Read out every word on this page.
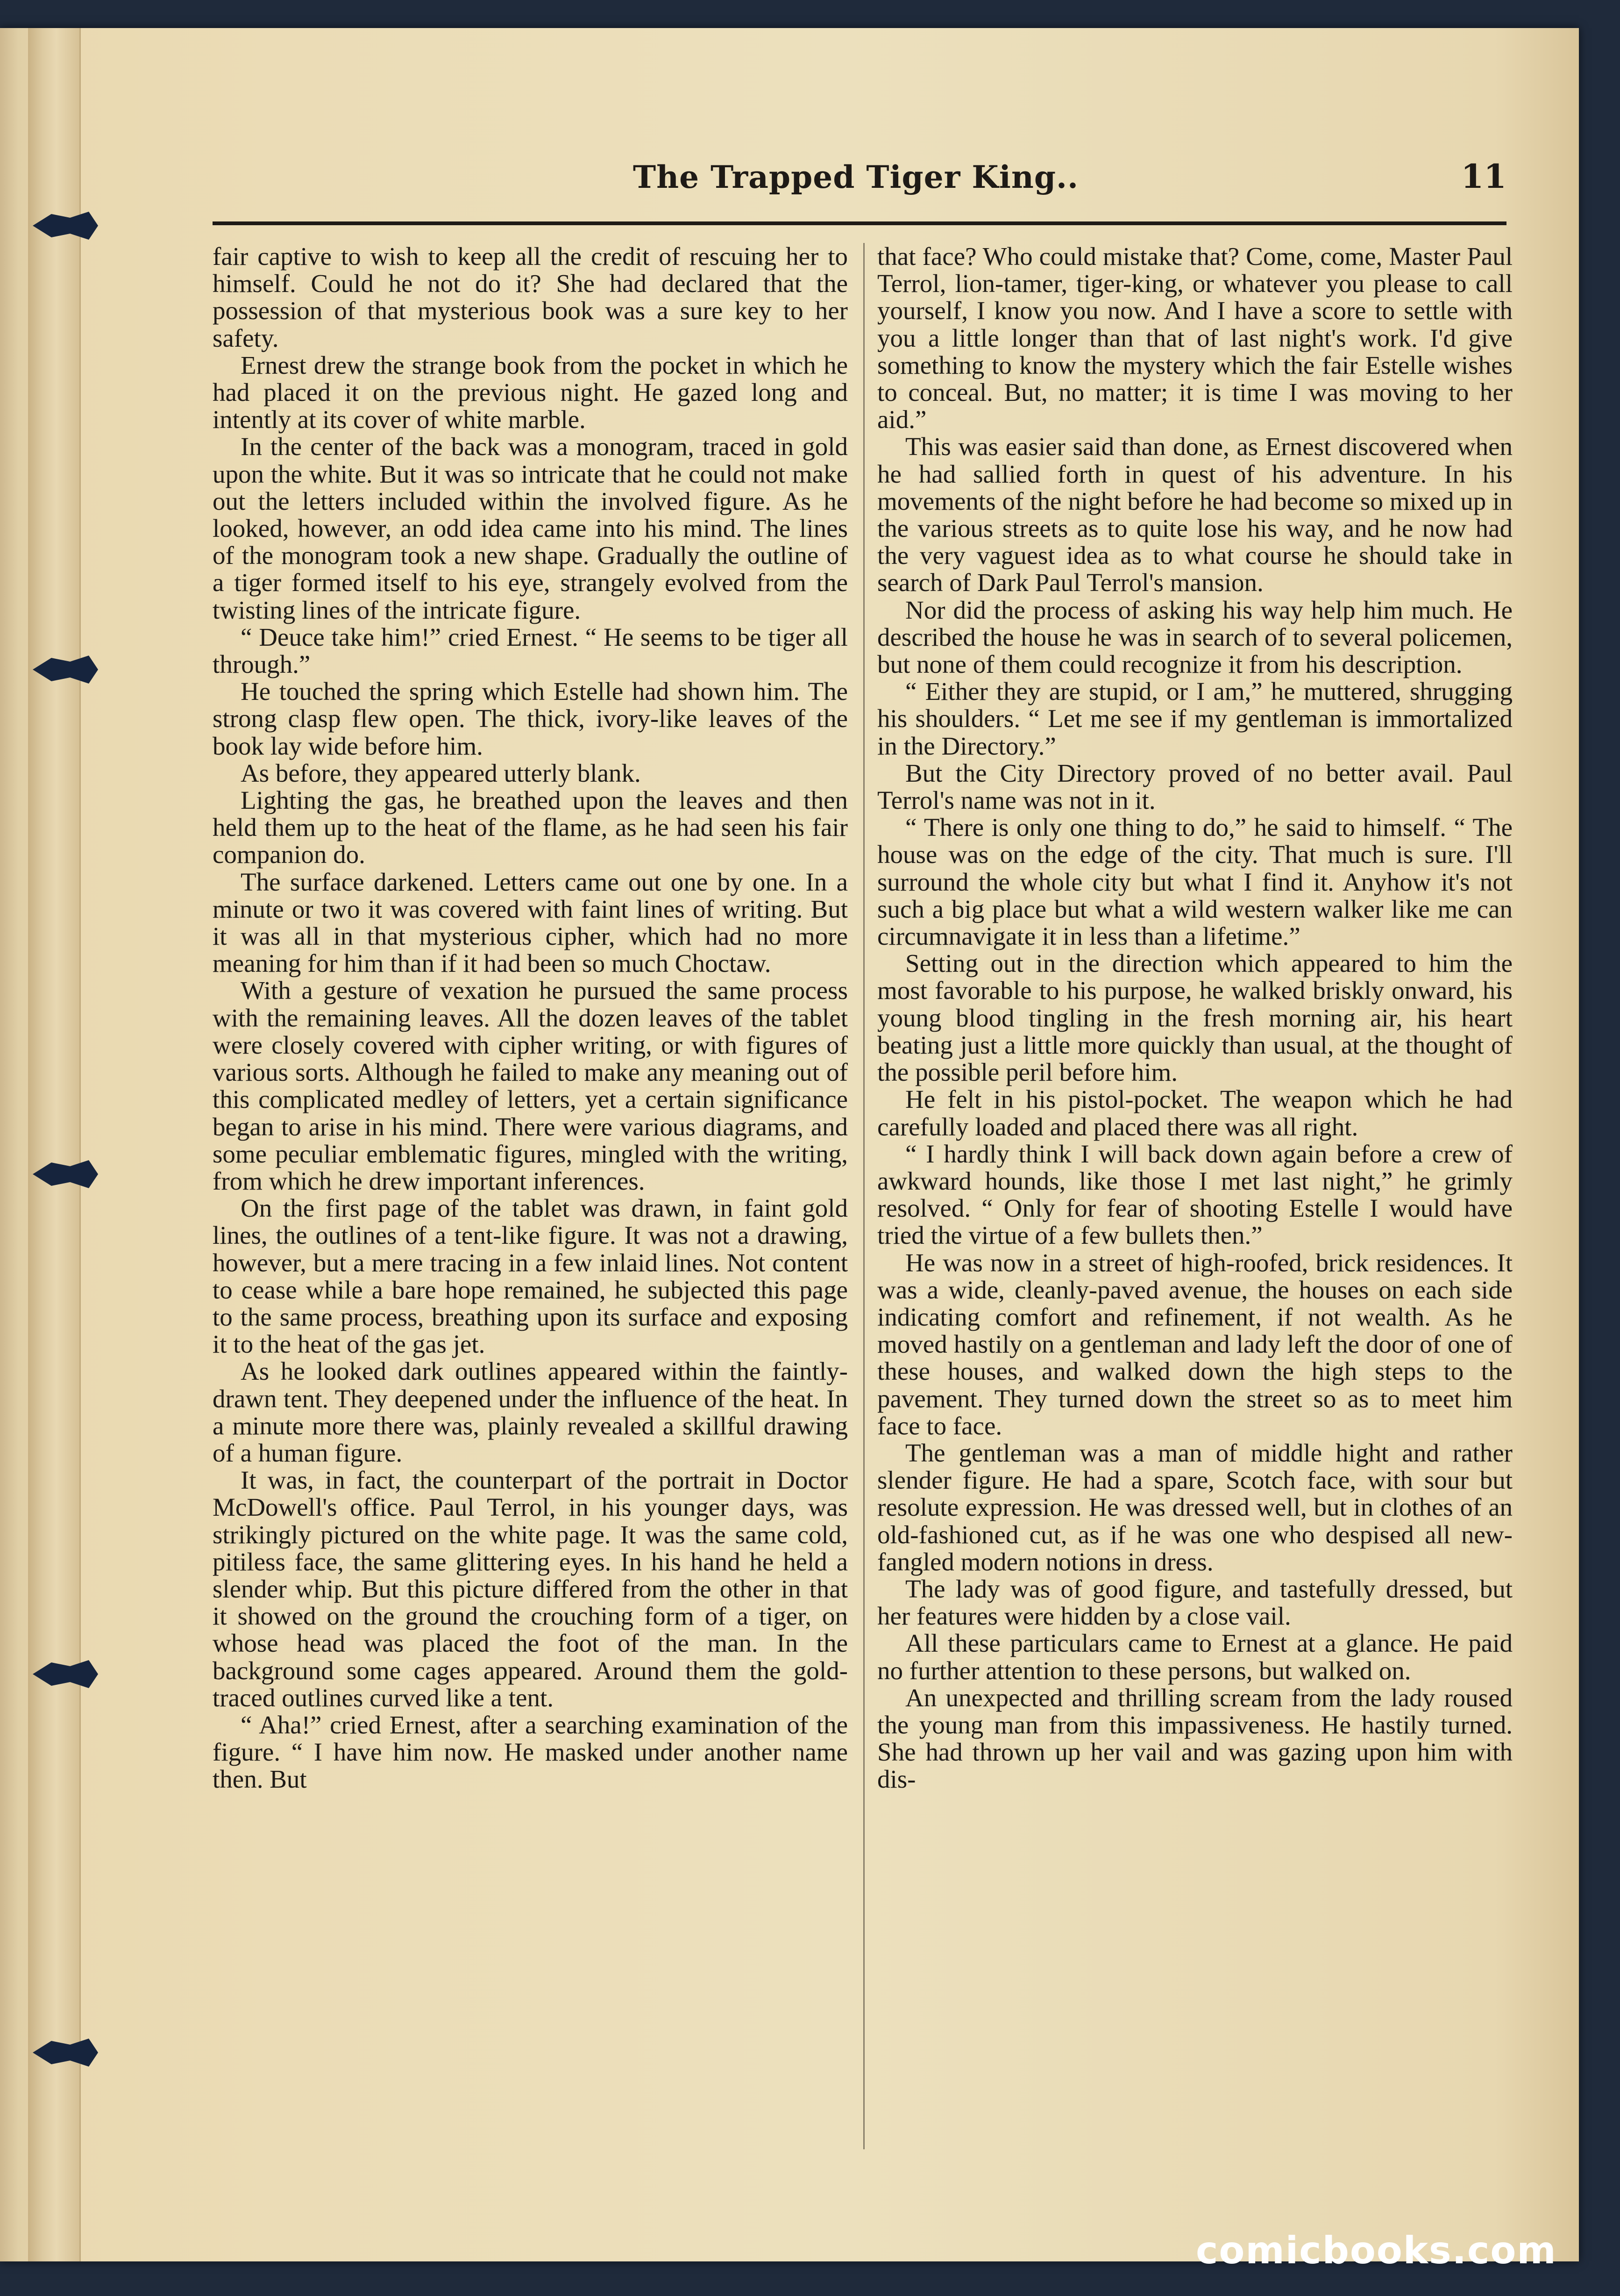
The Trapped Tiger King..	11

fair captive to wish to keep all the credit of rescuing her to himself. Could he not do it? She had declared that the possession of that mysterious book was a sure key to her safety.

Ernest drew the strange book from the pocket in which he had placed it on the previous night. He gazed long and intently at its cover of white marble.

In the center of the back was a monogram, traced in gold upon the white. But it was so intricate that he could not make out the letters included within the involved figure. As he looked, however, an odd idea came into his mind. The lines of the monogram took a new shape. Gradually the outline of a tiger formed itself to his eye, strangely evolved from the twisting lines of the intricate figure.

“ Deuce take him!” cried Ernest. “ He seems to be tiger all through.”

He touched the spring which Estelle had shown him. The strong clasp flew open. The thick, ivory-like leaves of the book lay wide before him.

As before, they appeared utterly blank.

Lighting the gas, he breathed upon the leaves and then held them up to the heat of the flame, as he had seen his fair companion do.

The surface darkened. Letters came out one by one. In a minute or two it was covered with faint lines of writing. But it was all in that mysterious cipher, which had no more meaning for him than if it had been so much Choctaw.

With a gesture of vexation he pursued the same process with the remaining leaves. All the dozen leaves of the tablet were closely covered with cipher writing, or with figures of various sorts. Although he failed to make any meaning out of this complicated medley of letters, yet a certain significance began to arise in his mind. There were various diagrams, and some peculiar emblematic figures, mingled with the writing, from which he drew important inferences.

On the first page of the tablet was drawn, in faint gold lines, the outlines of a tent-like figure. It was not a drawing, however, but a mere tracing in a few inlaid lines. Not content to cease while a bare hope remained, he subjected this page to the same process, breathing upon its surface and exposing it to the heat of the gas jet.

As he looked dark outlines appeared within the faintly-drawn tent. They deepened under the influence of the heat. In a minute more there was, plainly revealed a skillful drawing of a human figure.

It was, in fact, the counterpart of the portrait in Doctor McDowell's office. Paul Terrol, in his younger days, was strikingly pictured on the white page. It was the same cold, pitiless face, the same glittering eyes. In his hand he held a slender whip. But this picture differed from the other in that it showed on the ground the crouching form of a tiger, on whose head was placed the foot of the man. In the background some cages appeared. Around them the gold-traced outlines curved like a tent.

“ Aha!” cried Ernest, after a searching examination of the figure. “ I have him now. He masked under another name then. But

that face? Who could mistake that? Come, come, Master Paul Terrol, lion-tamer, tiger-king, or whatever you please to call yourself, I know you now. And I have a score to settle with you a little longer than that of last night's work. I'd give something to know the mystery which the fair Estelle wishes to conceal. But, no matter; it is time I was moving to her aid.”

This was easier said than done, as Ernest discovered when he had sallied forth in quest of his adventure. In his movements of the night before he had become so mixed up in the various streets as to quite lose his way, and he now had the very vaguest idea as to what course he should take in search of Dark Paul Terrol's mansion.

Nor did the process of asking his way help him much. He described the house he was in search of to several policemen, but none of them could recognize it from his description.

“ Either they are stupid, or I am,” he muttered, shrugging his shoulders. “ Let me see if my gentleman is immortalized in the Directory.”

But the City Directory proved of no better avail. Paul Terrol's name was not in it.

“ There is only one thing to do,” he said to himself. “ The house was on the edge of the city. That much is sure. I'll surround the whole city but what I find it. Anyhow it's not such a big place but what a wild western walker like me can circumnavigate it in less than a lifetime.”

Setting out in the direction which appeared to him the most favorable to his purpose, he walked briskly onward, his young blood tingling in the fresh morning air, his heart beating just a little more quickly than usual, at the thought of the possible peril before him.

He felt in his pistol-pocket. The weapon which he had carefully loaded and placed there was all right.

“ I hardly think I will back down again before a crew of awkward hounds, like those I met last night,” he grimly resolved. “ Only for fear of shooting Estelle I would have tried the virtue of a few bullets then.”

He was now in a street of high-roofed, brick residences. It was a wide, cleanly-paved avenue, the houses on each side indicating comfort and refinement, if not wealth. As he moved hastily on a gentleman and lady left the door of one of these houses, and walked down the high steps to the pavement. They turned down the street so as to meet him face to face.

The gentleman was a man of middle hight and rather slender figure. He had a spare, Scotch face, with sour but resolute expression. He was dressed well, but in clothes of an old-fashioned cut, as if he was one who despised all new-fangled modern notions in dress.

The lady was of good figure, and tastefully dressed, but her features were hidden by a close vail.

All these particulars came to Ernest at a glance. He paid no further attention to these persons, but walked on.

An unexpected and thrilling scream from the lady roused the young man from this impassiveness. He hastily turned. She had thrown up her vail and was gazing upon him with dis-

comicbooks.com
